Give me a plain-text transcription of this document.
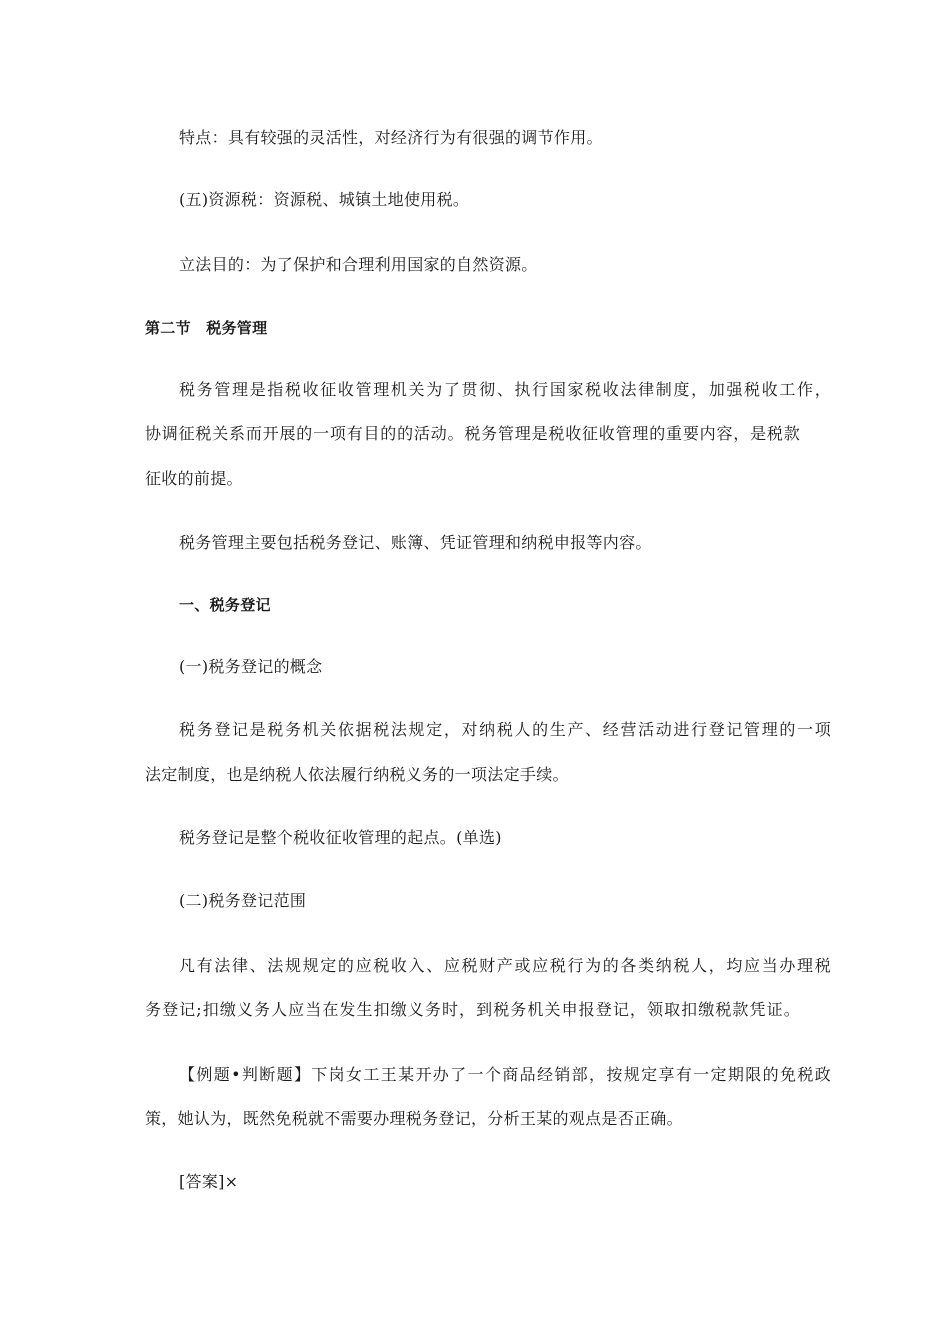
特点：具有较强的灵活性，对经济行为有很强的调节作用。
(五)资源税：资源税、城镇土地使用税。
立法目的：为了保护和合理利用国家的自然资源。
第二节　税务管理
税务管理是指税收征收管理机关为了贯彻、执行国家税收法律制度，加强税收工作，
协调征税关系而开展的一项有目的的活动。税务管理是税收征收管理的重要内容，是税款
征收的前提。
税务管理主要包括税务登记、账簿、凭证管理和纳税申报等内容。
一、税务登记
(一)税务登记的概念
税务登记是税务机关依据税法规定，对纳税人的生产、经营活动进行登记管理的一项
法定制度，也是纳税人依法履行纳税义务的一项法定手续。
税务登记是整个税收征收管理的起点。(单选)
(二)税务登记范围
凡有法律、法规规定的应税收入、应税财产或应税行为的各类纳税人，均应当办理税
务登记;扣缴义务人应当在发生扣缴义务时，到税务机关申报登记，领取扣缴税款凭证。
【例题•判断题】下岗女工王某开办了一个商品经销部，按规定享有一定期限的免税政
策，她认为，既然免税就不需要办理税务登记，分析王某的观点是否正确。
[答案]×
